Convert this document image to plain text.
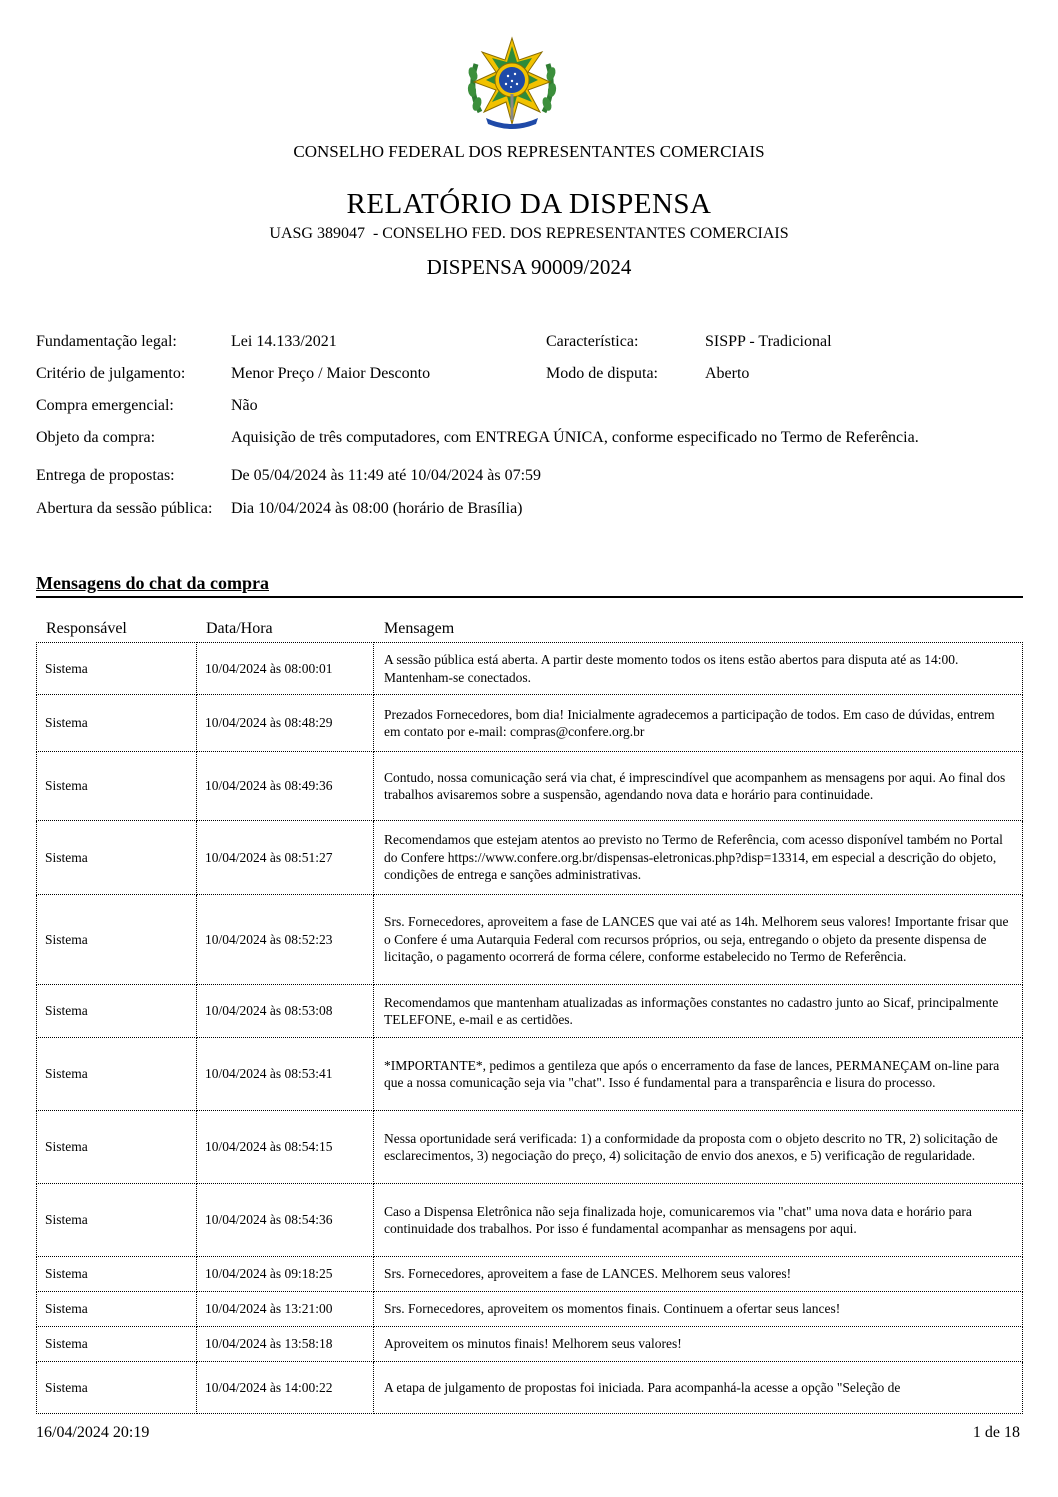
CONSELHO FEDERAL DOS REPRESENTANTES COMERCIAIS
RELATÓRIO DA DISPENSA
UASG 389047  - CONSELHO FED. DOS REPRESENTANTES COMERCIAIS
DISPENSA 90009/2024
Fundamentação legal:	Lei 14.133/2021	Característica:	SISPP - Tradicional
Critério de julgamento:	Menor Preço / Maior Desconto	Modo de disputa:	Aberto
Compra emergencial:	Não
Objeto da compra:	Aquisição de três computadores, com ENTREGA ÚNICA, conforme especificado no Termo de Referência.
Entrega de propostas:	De 05/04/2024 às 11:49 até 10/04/2024 às 07:59
Abertura da sessão pública: Dia 10/04/2024 às 08:00 (horário de Brasília)
Mensagens do chat da compra
Responsável	Data/Hora	Mensagem
Sistema	10/04/2024 às 08:00:01	A sessão pública está aberta. A partir deste momento todos os itens estão abertos para disputa até as 14:00. Mantenham-se conectados.
Sistema	10/04/2024 às 08:48:29	Prezados Fornecedores, bom dia! Inicialmente agradecemos a participação de todos. Em caso de dúvidas, entrem em contato por e-mail: compras@confere.org.br
Sistema	10/04/2024 às 08:49:36	Contudo, nossa comunicação será via chat, é imprescindível que acompanhem as mensagens por aqui. Ao final dos trabalhos avisaremos sobre a suspensão, agendando nova data e horário para continuidade.
Sistema	10/04/2024 às 08:51:27	Recomendamos que estejam atentos ao previsto no Termo de Referência, com acesso disponível também no Portal do Confere https://www.confere.org.br/dispensas-eletronicas.php?disp=13314, em especial a descrição do objeto, condições de entrega e sanções administrativas.
Sistema	10/04/2024 às 08:52:23	Srs. Fornecedores, aproveitem a fase de LANCES que vai até as 14h. Melhorem seus valores! Importante frisar que o Confere é uma Autarquia Federal com recursos próprios, ou seja, entregando o objeto da presente dispensa de licitação, o pagamento ocorrerá de forma célere, conforme estabelecido no Termo de Referência.
Sistema	10/04/2024 às 08:53:08	Recomendamos que mantenham atualizadas as informações constantes no cadastro junto ao Sicaf, principalmente TELEFONE, e-mail e as certidões.
Sistema	10/04/2024 às 08:53:41	*IMPORTANTE*, pedimos a gentileza que após o encerramento da fase de lances, PERMANEÇAM on-line para que a nossa comunicação seja via "chat". Isso é fundamental para a transparência e lisura do processo.
Sistema	10/04/2024 às 08:54:15	Nessa oportunidade será verificada: 1) a conformidade da proposta com o objeto descrito no TR, 2) solicitação de esclarecimentos, 3) negociação do preço, 4) solicitação de envio dos anexos, e 5) verificação de regularidade.
Sistema	10/04/2024 às 08:54:36	Caso a Dispensa Eletrônica não seja finalizada hoje, comunicaremos via "chat" uma nova data e horário para continuidade dos trabalhos. Por isso é fundamental acompanhar as mensagens por aqui.
Sistema	10/04/2024 às 09:18:25	Srs. Fornecedores, aproveitem a fase de LANCES. Melhorem seus valores!
Sistema	10/04/2024 às 13:21:00	Srs. Fornecedores, aproveitem os momentos finais. Continuem a ofertar seus lances!
Sistema	10/04/2024 às 13:58:18	Aproveitem os minutos finais! Melhorem seus valores!
Sistema	10/04/2024 às 14:00:22	A etapa de julgamento de propostas foi iniciada. Para acompanhá-la acesse a opção "Seleção de
16/04/2024 20:19	1 de 18
